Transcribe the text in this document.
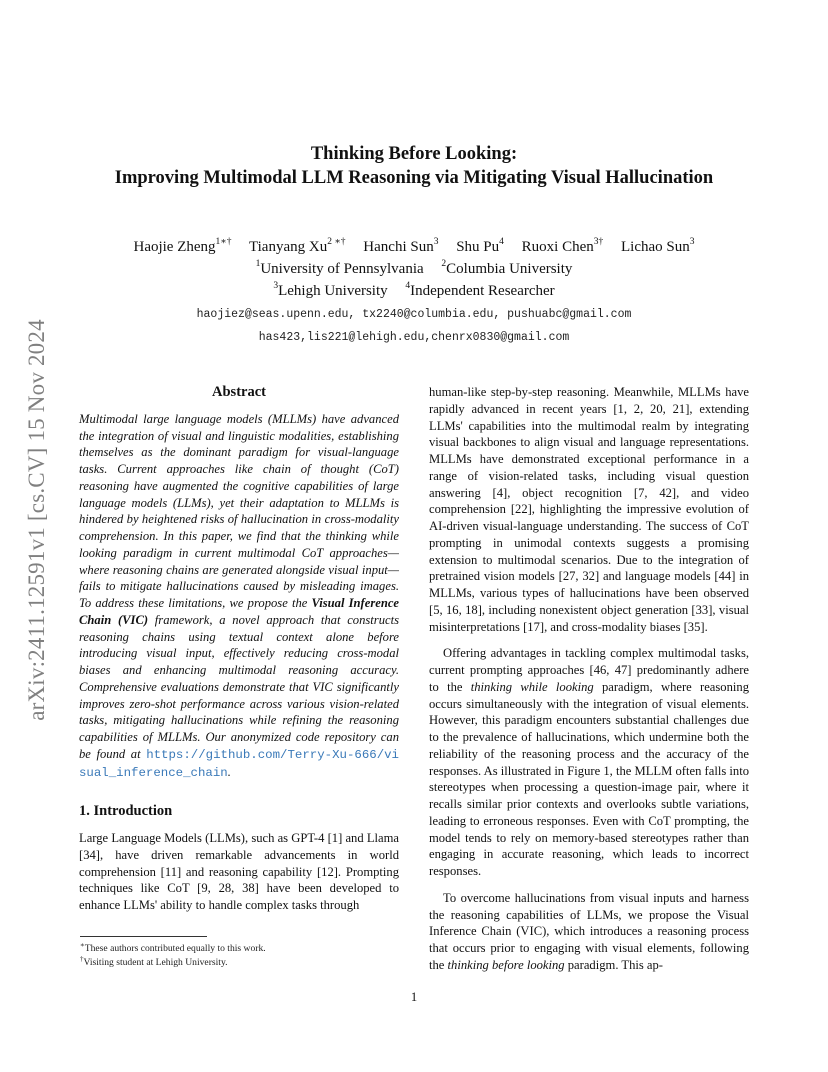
arXiv:2411.12591v1 [cs.CV] 15 Nov 2024
Thinking Before Looking:
Improving Multimodal LLM Reasoning via Mitigating Visual Hallucination
Haojie Zheng$^{1∗\dagger}$ Tianyang $Xu^{2 ∗\dagger}$ Hanchi Sun$^3$ Shu Pu$^4$ Ruoxi Chen$^{3\dagger}$ Lichao Sun$^3$
$^1$University of Pennsylvania $^2$Columbia University
$^3$Lehigh University $^4$Independent Researcher
haojiez@seas.upenn.edu, tx2240@columbia.edu, pushuabc@gmail.com
has423,lis221@lehigh.edu,chenrx0830@gmail.com
Abstract

Multimodal large language models (MLLMs) have advanced the integration of visual and linguistic modalities, establishing themselves as the dominant paradigm for visual-language tasks. Current approaches like chain of thought (CoT) reasoning have augmented the cognitive capabilities of large language models (LLMs), yet their adaptation to MLLMs is hindered by heightened risks of hallucination in cross-modality comprehension. In this paper, we find that the thinking while looking paradigm in current multimodal CoT approaches—where reasoning chains are generated alongside visual input—fails to mitigate hallucinations caused by misleading images. To address these limitations, we propose the Visual Inference Chain (VIC) framework, a novel approach that constructs reasoning chains using textual context alone before introducing visual input, effectively reducing cross-modal biases and enhancing multimodal reasoning accuracy. Comprehensive evaluations demonstrate that VIC significantly improves zero-shot performance across various vision-related tasks, mitigating hallucinations while refining the reasoning capabilities of MLLMs. Our anonymized code repository can be found at https://github.com/Terry-Xu-666/visual_inference_chain.

1. Introduction

Large Language Models (LLMs), such as GPT-4 [1] and Llama [34], have driven remarkable advancements in world comprehension [11] and reasoning capability [12]. Prompting techniques like CoT [9, 28, 38] have been developed to enhance LLMs' ability to handle complex tasks through

human-like step-by-step reasoning. Meanwhile, MLLMs have rapidly advanced in recent years [1, 2, 20, 21], extending LLMs' capabilities into the multimodal realm by integrating visual backbones to align visual and language representations. MLLMs have demonstrated exceptional performance in a range of vision-related tasks, including visual question answering [4], object recognition [7, 42], and video comprehension [22], highlighting the impressive evolution of AI-driven visual-language understanding. The success of CoT prompting in unimodal contexts suggests a promising extension to multimodal scenarios. Due to the integration of pretrained vision models [27, 32] and language models [44] in MLLMs, various types of hallucinations have been observed [5, 16, 18], including nonexistent object generation [33], visual misinterpretations [17], and cross-modality biases [35].

Offering advantages in tackling complex multimodal tasks, current prompting approaches [46, 47] predominantly adhere to the thinking while looking paradigm, where reasoning occurs simultaneously with the integration of visual elements. However, this paradigm encounters substantial challenges due to the prevalence of hallucinations, which undermine both the reliability of the reasoning process and the accuracy of the responses. As illustrated in Figure 1, the MLLM often falls into stereotypes when processing a question-image pair, where it recalls similar prior contexts and overlooks subtle variations, leading to erroneous responses. Even with CoT prompting, the model tends to rely on memory-based stereotypes rather than engaging in accurate reasoning, which leads to incorrect responses.

To overcome hallucinations from visual inputs and harness the reasoning capabilities of LLMs, we propose the Visual Inference Chain (VIC), which introduces a reasoning process that occurs prior to engaging with visual elements, following the thinking before looking paradigm. This ap-

∗These authors contributed equally to this work.
†Visiting student at Lehigh University.
1
